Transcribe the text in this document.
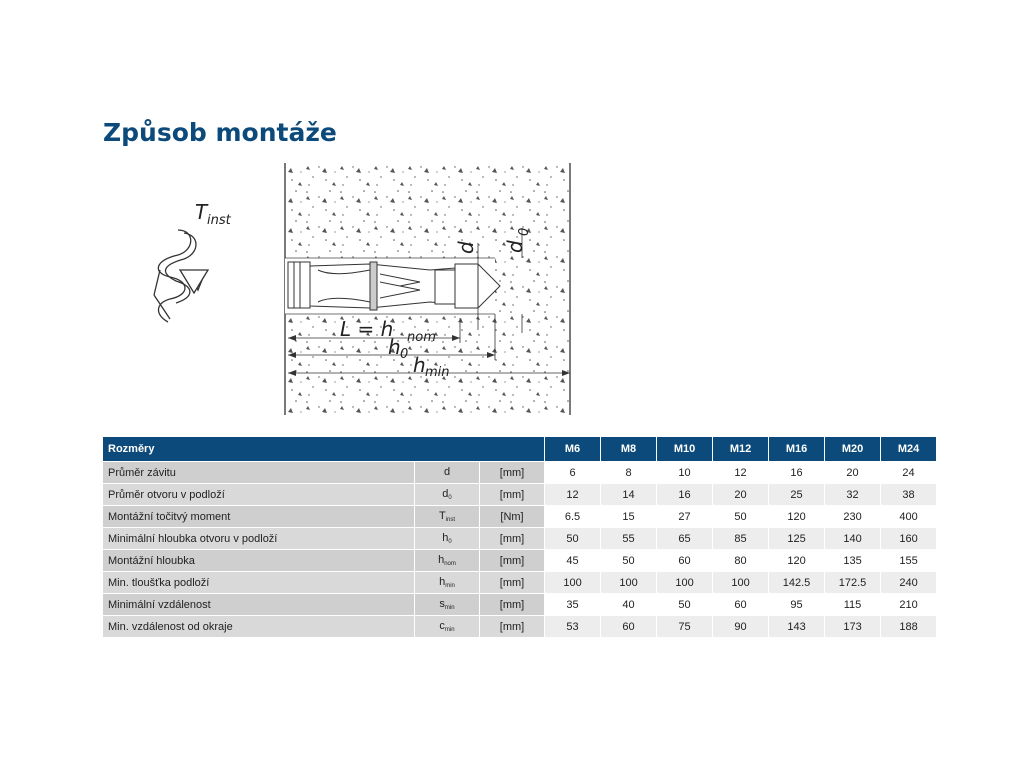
Způsob montáže
T inst
d d
0
L = h nom
h 0 h min
Rozměry			M6	M8	M10	M12	M16	M20	M24
Průměr závitu	d	[mm]	6	8	10	12	16	20	24
Průměr otvoru v podloží	$d_0$	[mm]	12	14	16	20	25	32	38
Montážní točitvý moment	$T_{inst}$	[Nm]	6.5	15	27	50	120	230	400
Minimální hloubka otvoru v podloží	$h_0$	[mm]	50	55	65	85	125	140	160
Montážní hloubka	$h_{nom}$	[mm]	45	50	60	80	120	135	155
Min. tloušťka podloží	$h_{min}$	[mm]	100	100	100	100	142.5	172.5	240
Minimální vzdálenost	$s_{min}$	[mm]	35	40	50	60	95	115	210
Min. vzdálenost od okraje	$c_{min}$	[mm]	53	60	75	90	143	173	188
